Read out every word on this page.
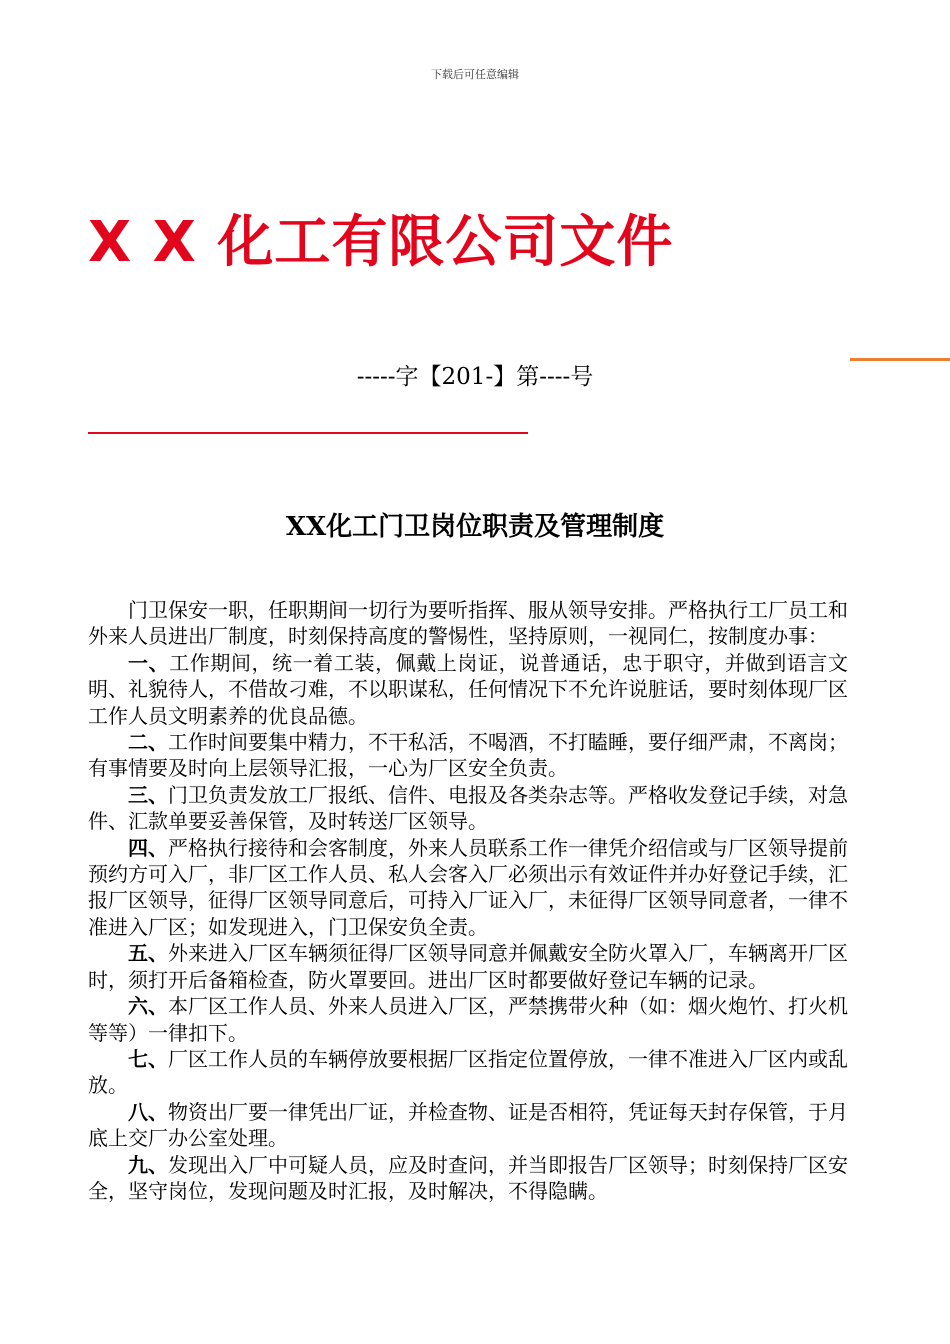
下载后可任意编辑
X X 化工有限公司文件
-----字【201-】第----号
XX化工门卫岗位职责及管理制度

门卫保安一职，任职期间一切行为要听指挥、服从领导安排。严格执行工厂员工和外来人员进出厂制度，时刻保持高度的警惕性，坚持原则，一视同仁，按制度办事：

一、工作期间，统一着工装，佩戴上岗证，说普通话，忠于职守，并做到语言文明、礼貌待人，不借故刁难，不以职谋私，任何情况下不允许说脏话，要时刻体现厂区工作人员文明素养的优良品德。

二、工作时间要集中精力，不干私活，不喝酒，不打瞌睡，要仔细严肃，不离岗；有事情要及时向上层领导汇报，一心为厂区安全负责。

三、门卫负责发放工厂报纸、信件、电报及各类杂志等。严格收发登记手续，对急件、汇款单要妥善保管，及时转送厂区领导。

四、严格执行接待和会客制度，外来人员联系工作一律凭介绍信或与厂区领导提前预约方可入厂，非厂区工作人员、私人会客入厂必须出示有效证件并办好登记手续，汇报厂区领导，征得厂区领导同意后，可持入厂证入厂，未征得厂区领导同意者，一律不准进入厂区；如发现进入，门卫保安负全责。

五、外来进入厂区车辆须征得厂区领导同意并佩戴安全防火罩入厂，车辆离开厂区时，须打开后备箱检查，防火罩要回。进出厂区时都要做好登记车辆的记录。

六、本厂区工作人员、外来人员进入厂区，严禁携带火种（如：烟火炮竹、打火机等等）一律扣下。

七、厂区工作人员的车辆停放要根据厂区指定位置停放，一律不准进入厂区内或乱放。

八、物资出厂要一律凭出厂证，并检查物、证是否相符，凭证每天封存保管，于月底上交厂办公室处理。

九、发现出入厂中可疑人员，应及时查问，并当即报告厂区领导；时刻保持厂区安全，坚守岗位，发现问题及时汇报，及时解决，不得隐瞒。
